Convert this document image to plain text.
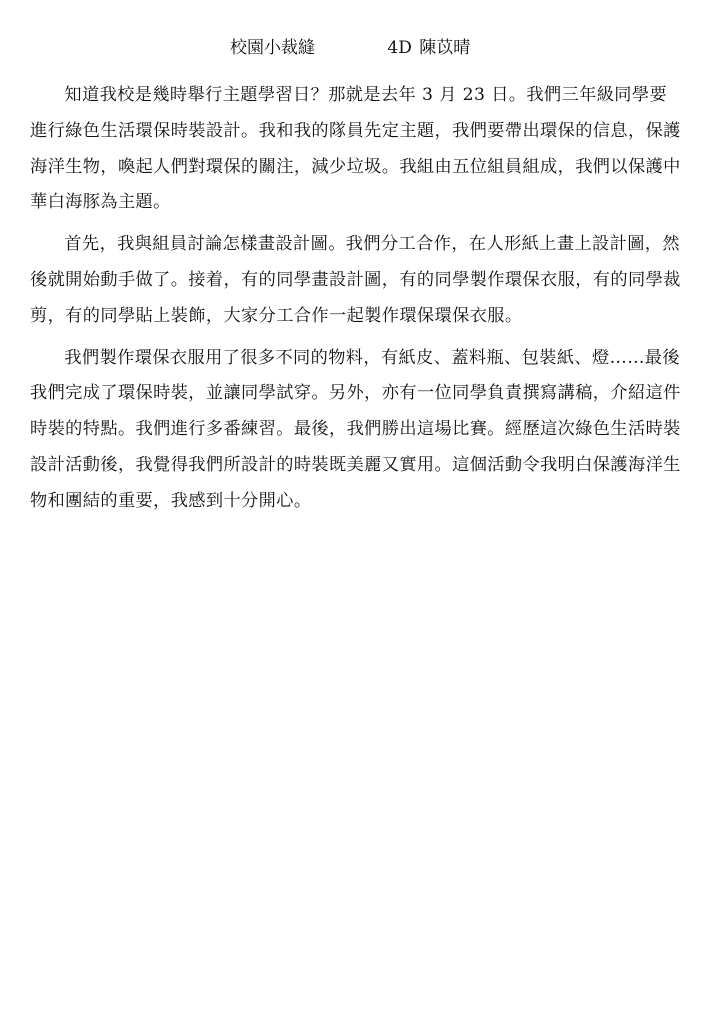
校園小裁縫	4D 陳苡晴

知道我校是幾時舉行主題學習日？那就是去年 3 月 23 日。我們三年級同學要進行綠色生活環保時裝設計。我和我的隊員先定主題，我們要帶出環保的信息，保護海洋生物，喚起人們對環保的關注，減少垃圾。我組由五位組員組成，我們以保護中華白海豚為主題。

首先，我與組員討論怎樣畫設計圖。我們分工合作，在人形紙上畫上設計圖，然後就開始動手做了。接着，有的同學畫設計圖，有的同學製作環保衣服，有的同學裁剪，有的同學貼上裝飾，大家分工合作一起製作環保環保衣服。

我們製作環保衣服用了很多不同的物料，有紙皮、蓋料瓶、包裝紙、燈……最後我們完成了環保時裝，並讓同學試穿。另外，亦有一位同學負責撰寫講稿，介紹這件時裝的特點。我們進行多番練習。最後，我們勝出這場比賽。經歷這次綠色生活時裝設計活動後，我覺得我們所設計的時裝既美麗又實用。這個活動令我明白保護海洋生物和團結的重要，我感到十分開心。
